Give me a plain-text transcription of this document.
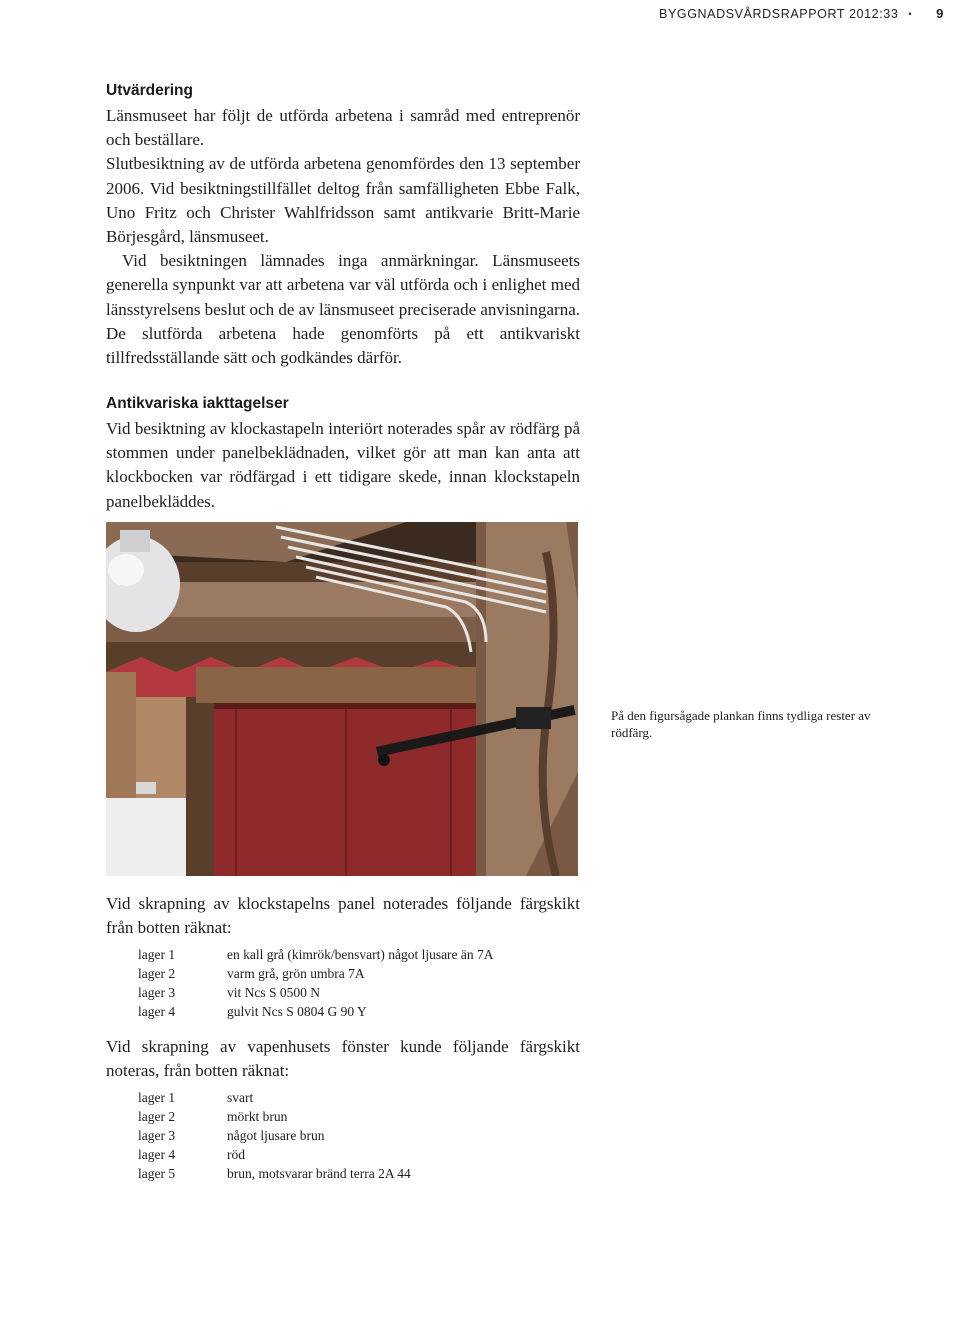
BYGGNADSVÅRDSRAPPORT 2012:33 • 9
Utvärdering

Länsmuseet har följt de utförda arbetena i samråd med entreprenör och beställare.

Slutbesiktning av de utförda arbetena genomfördes den 13 september 2006. Vid besiktningstillfället deltog från samfälligheten Ebbe Falk, Uno Fritz och Christer Wahlfridsson samt antikvarie Britt-Marie Börjesgård, länsmuseet.

Vid besiktningen lämnades inga anmärkningar. Länsmuseets generella synpunkt var att arbetena var väl utförda och i enlighet med länsstyrelsens beslut och de av länsmuseet preciserade anvisningarna. De slutförda arbetena hade genomförts på ett antikvariskt tillfredsställande sätt och godkändes därför.

Antikvariska iakttagelser

Vid besiktning av klockastapeln interiört noterades spår av rödfärg på stommen under panelbeklädnaden, vilket gör att man kan anta att klockbocken var rödfärgad i ett tidigare skede, innan klockstapeln panelbekläddes.

På den figursågade plankan finns tydliga rester av rödfärg.

Vid skrapning av klockstapelns panel noterades följande färgskikt från botten räknat:

lager 1	en kall grå (kimrök/bensvart) något ljusare än 7A
lager 2	varm grå, grön umbra 7A
lager 3	vit Ncs S 0500 N
lager 4	gulvit Ncs S 0804 G 90 Y

Vid skrapning av vapenhusets fönster kunde följande färgskikt noteras, från botten räknat:

lager 1	svart
lager 2	mörkt brun
lager 3	något ljusare brun
lager 4	röd
lager 5	brun, motsvarar bränd terra 2A 44
